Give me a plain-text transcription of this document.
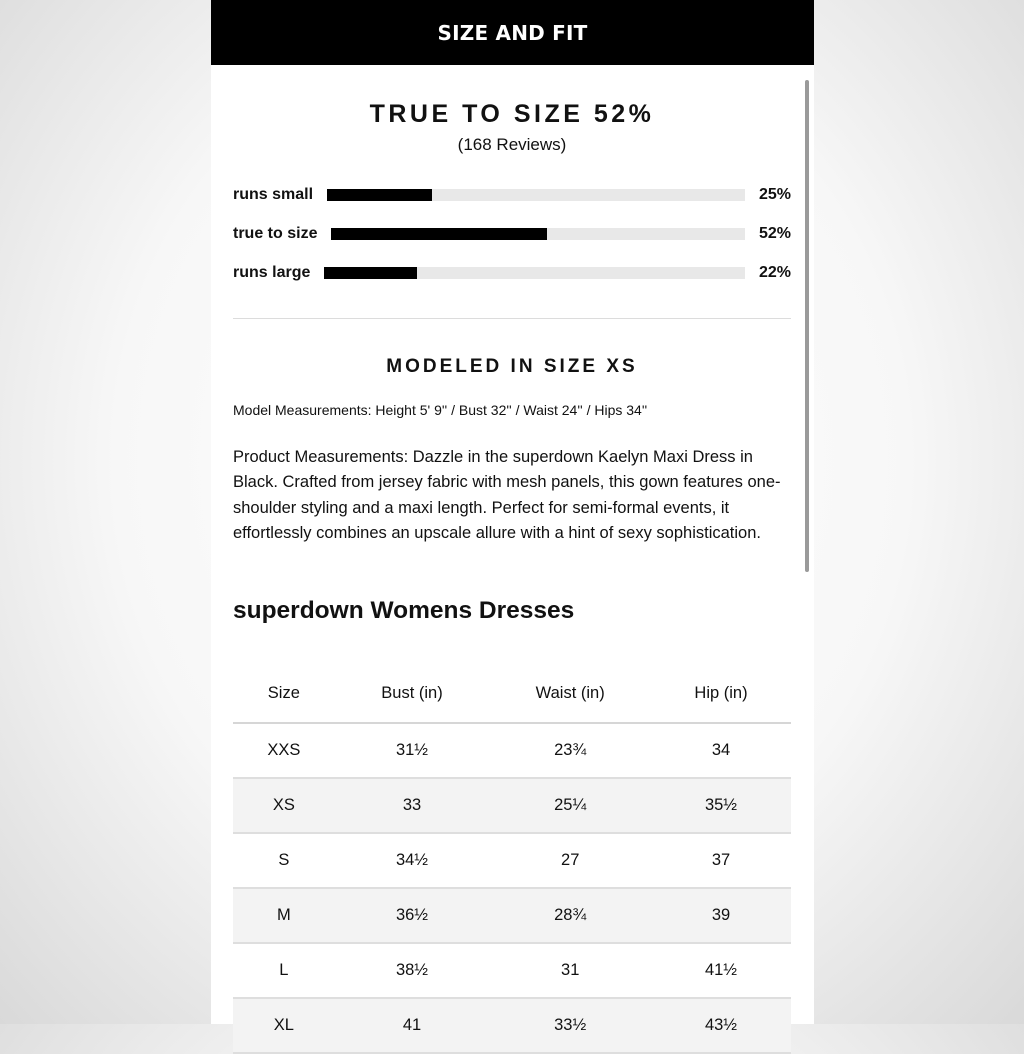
SIZE AND FIT
TRUE TO SIZE 52%
(168 Reviews)
runs small	25%
true to size	52%
runs large	22%
MODELED IN SIZE XS
Model Measurements: Height 5' 9'' / Bust 32'' / Waist 24'' / Hips 34''
Product Measurements: Dazzle in the superdown Kaelyn Maxi Dress in Black. Crafted from jersey fabric with mesh panels, this gown features one-shoulder styling and a maxi length. Perfect for semi-formal events, it effortlessly combines an upscale allure with a hint of sexy sophistication.
superdown Womens Dresses
Size	Bust (in)	Waist (in)	Hip (in)
XXS	31½	23¾	34
XS	33	25¼	35½
S	34½	27	37
M	36½	28¾	39
L	38½	31	41½
XL	41	33½	43½
